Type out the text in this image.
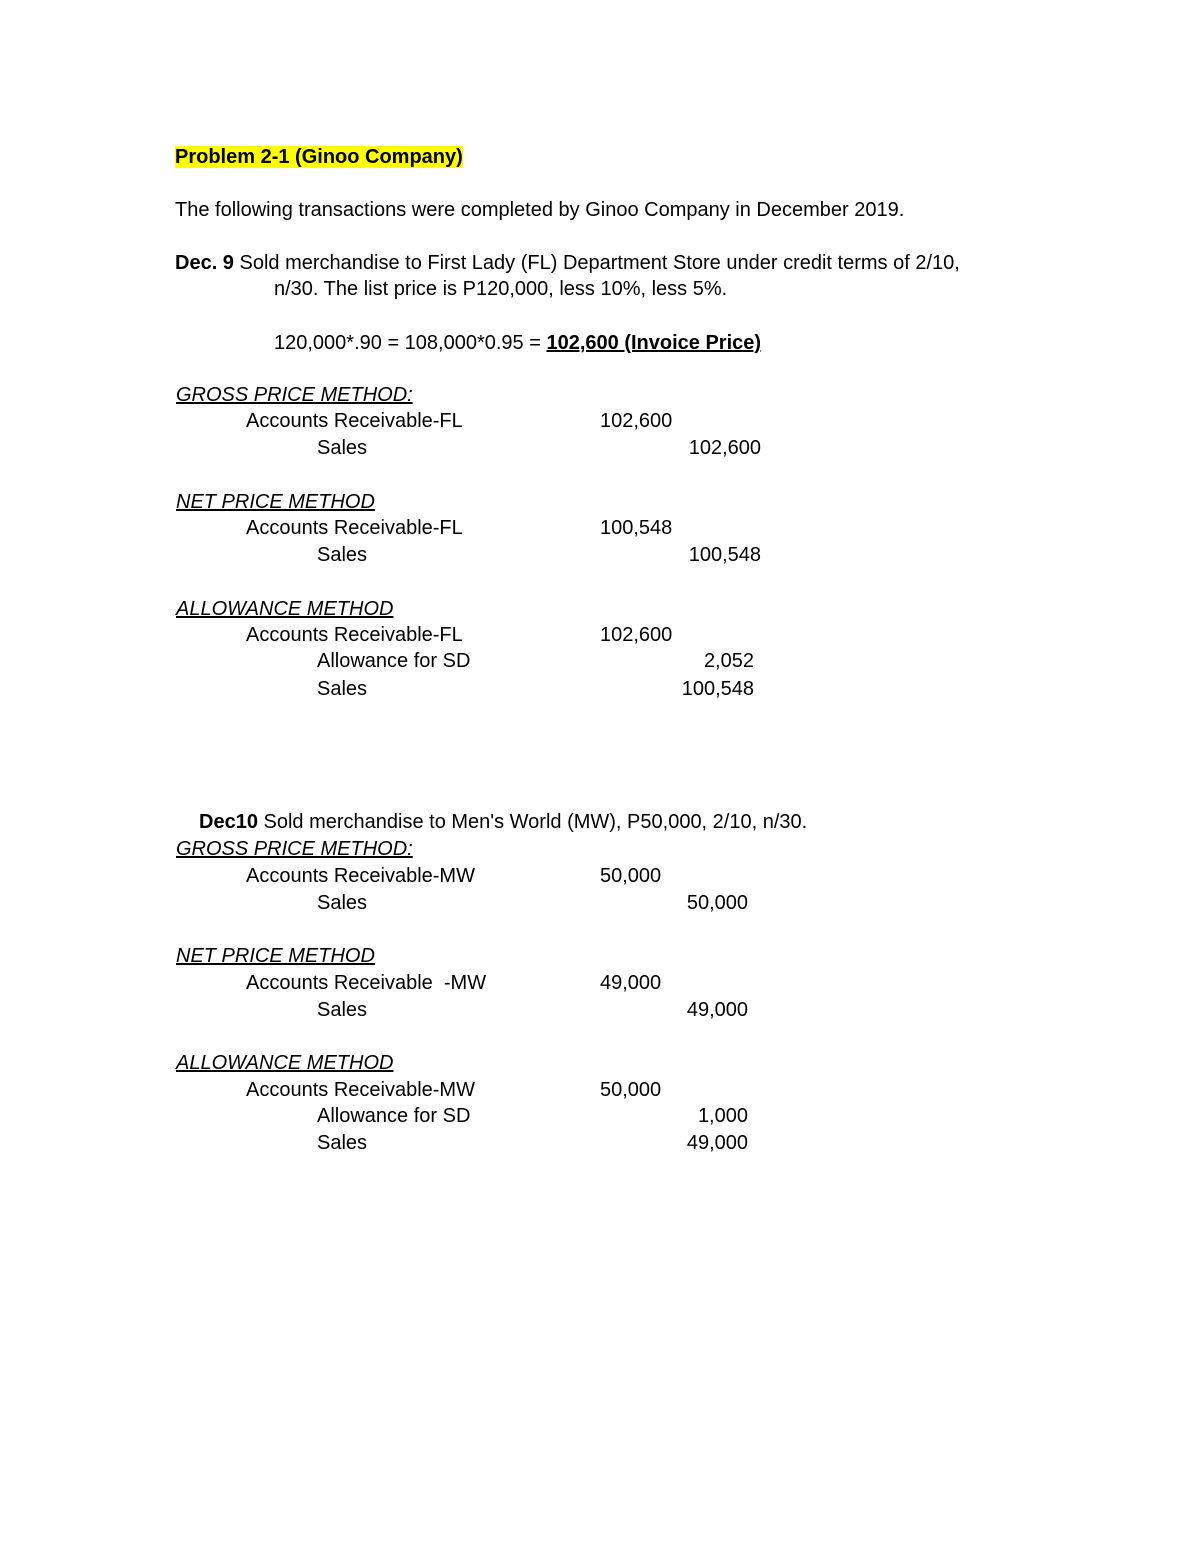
Problem 2-1 (Ginoo Company)
The following transactions were completed by Ginoo Company in December 2019.
Dec. 9 Sold merchandise to First Lady (FL) Department Store under credit terms of 2/10,
n/30. The list price is P120,000, less 10%, less 5%.
120,000*.90 = 108,000*0.95 = 102,600 (Invoice Price)
GROSS PRICE METHOD:
Accounts Receivable-FL	102,600
Sales	102,600
NET PRICE METHOD
Accounts Receivable-FL	100,548
Sales	100,548
ALLOWANCE METHOD
Accounts Receivable-FL	102,600
Allowance for SD	2,052
Sales	100,548
Dec10 Sold merchandise to Men's World (MW), P50,000, 2/10, n/30.
GROSS PRICE METHOD:
Accounts Receivable-MW	50,000
Sales	50,000
NET PRICE METHOD
Accounts Receivable  -MW	49,000
Sales	49,000
ALLOWANCE METHOD
Accounts Receivable-MW	50,000
Allowance for SD	1,000
Sales	49,000
